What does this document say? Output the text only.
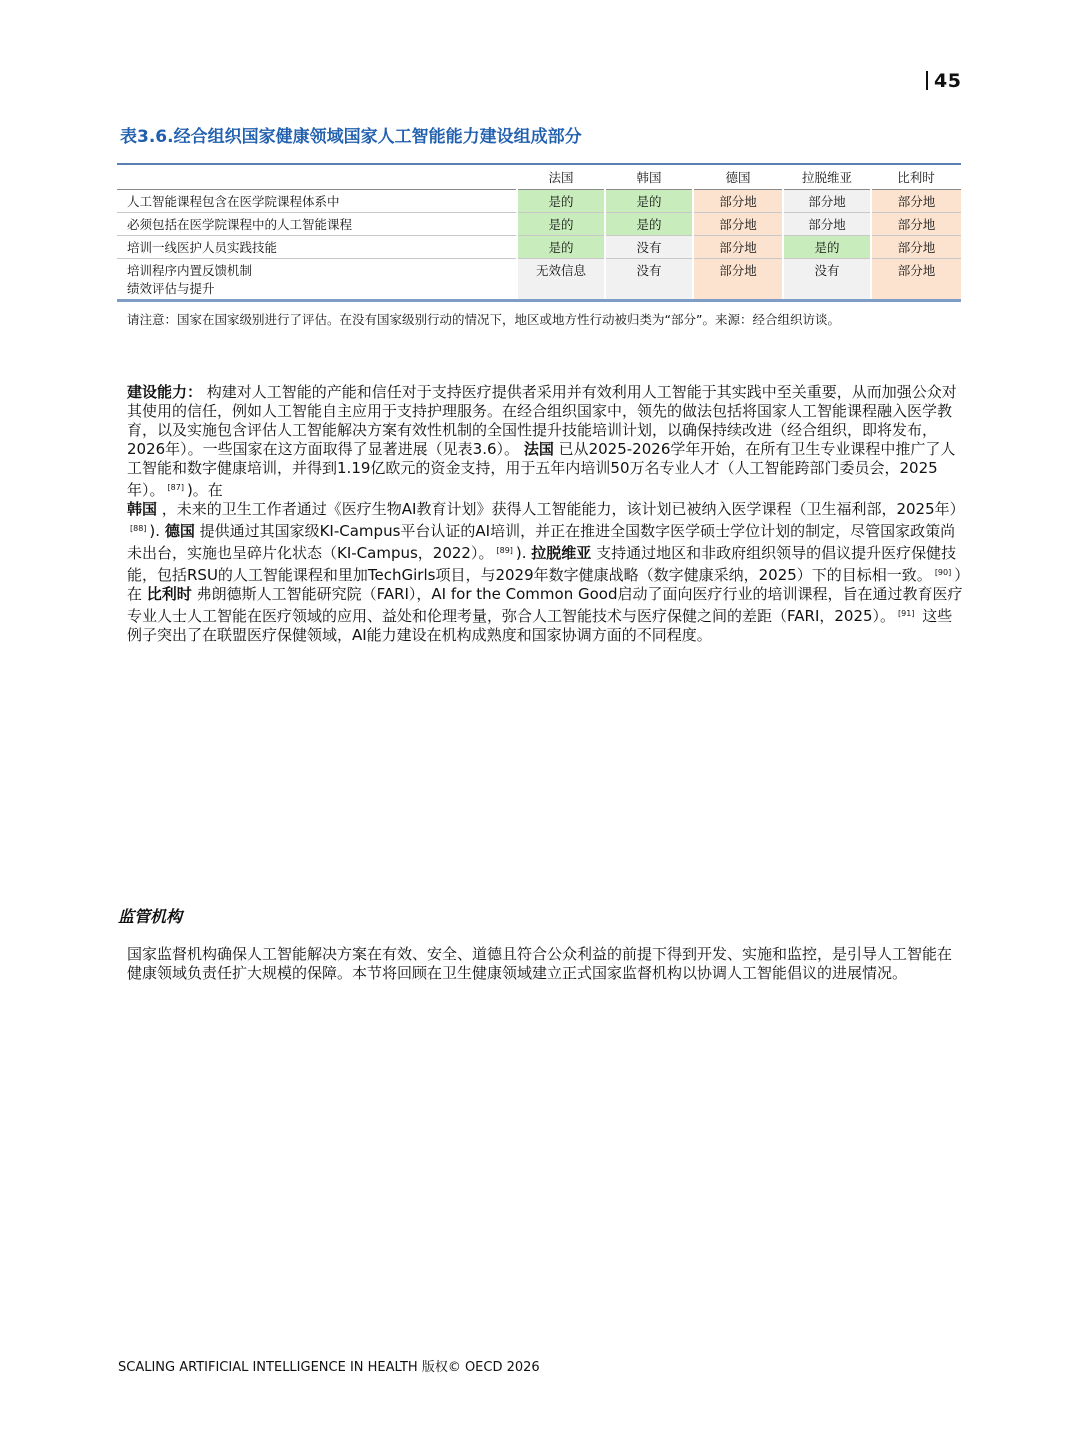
45
表3.6.经合组织国家健康领域国家人工智能能力建设组成部分
	法国	韩国	德国	拉脱维亚	比利时

人工智能课程包含在医学院课程体系中	是的	是的	部分地	部分地	部分地

必须包括在医学院课程中的人工智能课程	是的	是的	部分地	部分地	部分地

培训一线医护人员实践技能	是的	没有	部分地	是的	部分地

培训程序内置反馈机制
绩效评估与提升	无效信息	没有	部分地	没有	部分地
请注意：国家在国家级别进行了评估。在没有国家级别行动的情况下，地区或地方性行动被归类为“部分”。来源：经合组织访谈。

建设能力： 构建对人工智能的产能和信任对于支持医疗提供者采用并有效利用人工智能于其实践中至关重要，从而加强公众对其使用的信任，例如人工智能自主应用于支持护理服务。在经合组织国家中，领先的做法包括将国家人工智能课程融入医学教育，以及实施包含评估人工智能解决方案有效性机制的全国性提升技能培训计划，以确保持续改进（经合组织，即将发布，2026年）。一些国家在这方面取得了显著进展（见表3.6）。 法国 已从2025-2026学年开始，在所有卫生专业课程中推广了人工智能和数字健康培训，并得到1.19亿欧元的资金支持，用于五年内培训50万名专业人才（人工智能跨部门委员会，2025年）。 [87] )。在
韩国 ，未来的卫生工作者通过《医疗生物AI教育计划》获得人工智能能力，该计划已被纳入医学课程（卫生福利部，2025年）[88] ). 德国 提供通过其国家级KI-Campus平台认证的AI培训，并正在推进全国数字医学硕士学位计划的制定，尽管国家政策尚未出台，实施也呈碎片化状态（KI-Campus，2022）。 [89] ). 拉脱维亚 支持通过地区和非政府组织领导的倡议提升医疗保健技能，包括RSU的人工智能课程和里加TechGirls项目，与2029年数字健康战略（数字健康采纳，2025）下的目标相一致。 [90] ）在 比利时 弗朗德斯人工智能研究院（FARI），AI for the Common Good启动了面向医疗行业的培训课程，旨在通过教育医疗专业人士人工智能在医疗领域的应用、益处和伦理考量，弥合人工智能技术与医疗保健之间的差距（FARI，2025）。 [91] 这些例子突出了在联盟医疗保健领域，AI能力建设在机构成熟度和国家协调方面的不同程度。

监管机构

国家监督机构确保人工智能解决方案在有效、安全、道德且符合公众利益的前提下得到开发、实施和监控，是引导人工智能在健康领域负责任扩大规模的保障。本节将回顾在卫生健康领域建立正式国家监督机构以协调人工智能倡议的进展情况。

SCALING ARTIFICIAL INTELLIGENCE IN HEALTH 版权© OECD 2026
